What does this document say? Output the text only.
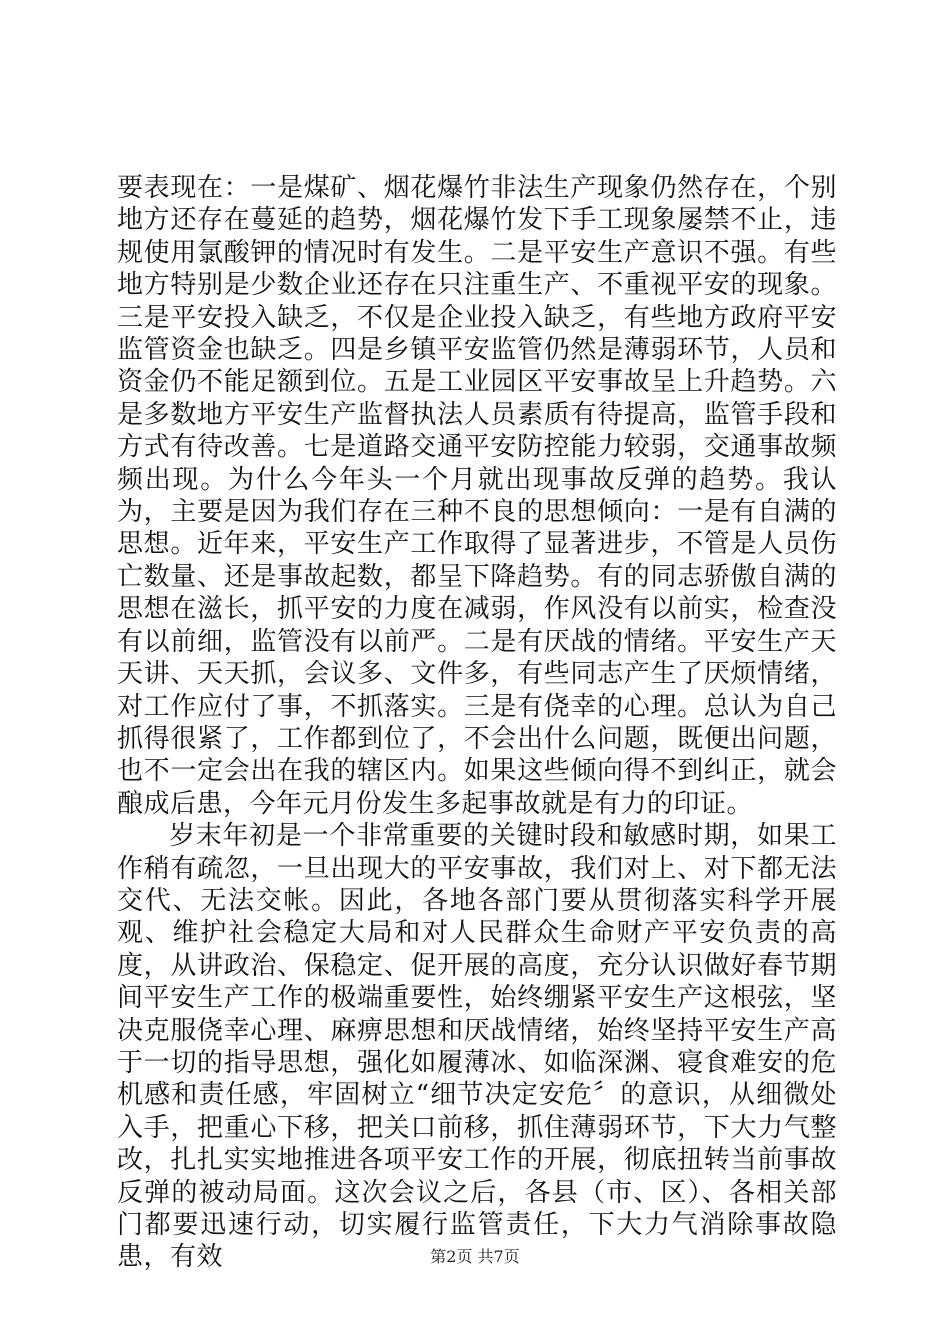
要表现在：一是煤矿、烟花爆竹非法生产现象仍然存在，个别地方还存在蔓延的趋势，烟花爆竹发下手工现象屡禁不止，违规使用氯酸钾的情况时有发生。二是平安生产意识不强。有些地方特别是少数企业还存在只注重生产、不重视平安的现象。三是平安投入缺乏，不仅是企业投入缺乏，有些地方政府平安监管资金也缺乏。四是乡镇平安监管仍然是薄弱环节，人员和资金仍不能足额到位。五是工业园区平安事故呈上升趋势。六是多数地方平安生产监督执法人员素质有待提高，监管手段和方式有待改善。七是道路交通平安防控能力较弱，交通事故频频出现。为什么今年头一个月就出现事故反弹的趋势。我认为，主要是因为我们存在三种不良的思想倾向：一是有自满的思想。近年来，平安生产工作取得了显著进步，不管是人员伤亡数量、还是事故起数，都呈下降趋势。有的同志骄傲自满的思想在滋长，抓平安的力度在减弱，作风没有以前实，检查没有以前细，监管没有以前严。二是有厌战的情绪。平安生产天天讲、天天抓，会议多、文件多，有些同志产生了厌烦情绪，对工作应付了事，不抓落实。三是有侥幸的心理。总认为自己抓得很紧了，工作都到位了，不会出什么问题，既便出问题，也不一定会出在我的辖区内。如果这些倾向得不到纠正，就会酿成后患，今年元月份发生多起事故就是有力的印证。

岁末年初是一个非常重要的关键时段和敏感时期，如果工作稍有疏忽，一旦出现大的平安事故，我们对上、对下都无法交代、无法交帐。因此，各地各部门要从贯彻落实科学开展观、维护社会稳定大局和对人民群众生命财产平安负责的高度，从讲政治、保稳定、促开展的高度，充分认识做好春节期间平安生产工作的极端重要性，始终绷紧平安生产这根弦，坚决克服侥幸心理、麻痹思想和厌战情绪，始终坚持平安生产高于一切的指导思想，强化如履薄冰、如临深渊、寝食难安的危机感和责任感，牢固树立“细节决定安危〞的意识，从细微处入手，把重心下移，把关口前移，抓住薄弱环节，下大力气整改，扎扎实实地推进各项平安工作的开展，彻底扭转当前事故反弹的被动局面。这次会议之后，各县（市、区）、各相关部门都要迅速行动，切实履行监管责任，下大力气消除事故隐患，有效	第2页 共7页
